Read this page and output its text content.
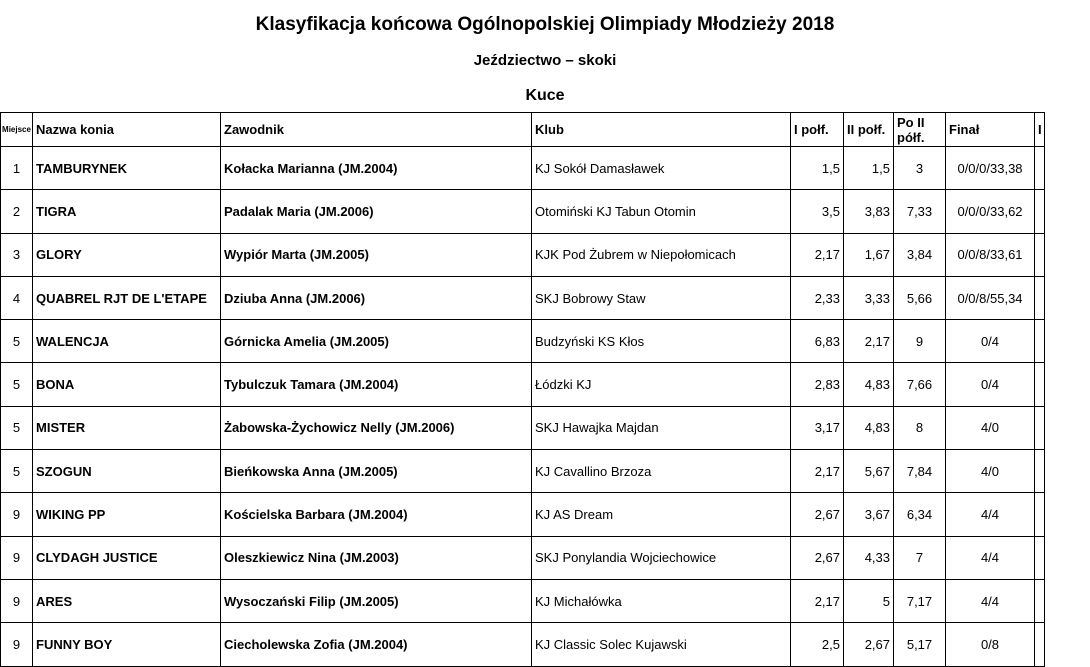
Klasyfikacja końcowa Ogólnopolskiej Olimpiady Młodzieży 2018
Jeździectwo – skoki
Kuce
Miejsce	Nazwa konia	Zawodnik	Klub	I połf.	II połf.	Po II półf.	Finał	I
1	TAMBURYNEK	Kołacka Marianna (JM.2004)	KJ Sokół Damasławek	1,5	1,5	3	0/0/0/33,38	
2	TIGRA	Padalak Maria (JM.2006)	Otomiński KJ Tabun Otomin	3,5	3,83	7,33	0/0/0/33,62	
3	GLORY	Wypiór Marta (JM.2005)	KJK Pod Żubrem w Niepołomicach	2,17	1,67	3,84	0/0/8/33,61	
4	QUABREL RJT DE L'ETAPE	Dziuba Anna (JM.2006)	SKJ Bobrowy Staw	2,33	3,33	5,66	0/0/8/55,34	
5	WALENCJA	Górnicka Amelia (JM.2005)	Budzyński KS Kłos	6,83	2,17	9	0/4	
5	BONA	Tybulczuk Tamara (JM.2004)	Łódzki KJ	2,83	4,83	7,66	0/4	
5	MISTER	Żabowska-Żychowicz Nelly (JM.2006)	SKJ Hawajka Majdan	3,17	4,83	8	4/0	
5	SZOGUN	Bieńkowska Anna (JM.2005)	KJ Cavallino Brzoza	2,17	5,67	7,84	4/0	
9	WIKING PP	Kościelska Barbara (JM.2004)	KJ AS Dream	2,67	3,67	6,34	4/4	
9	CLYDAGH JUSTICE	Oleszkiewicz Nina (JM.2003)	SKJ Ponylandia Wojciechowice	2,67	4,33	7	4/4	
9	ARES	Wysoczański Filip (JM.2005)	KJ Michałówka	2,17	5	7,17	4/4	
9	FUNNY BOY	Ciecholewska Zofia (JM.2004)	KJ Classic Solec Kujawski	2,5	2,67	5,17	0/8	
